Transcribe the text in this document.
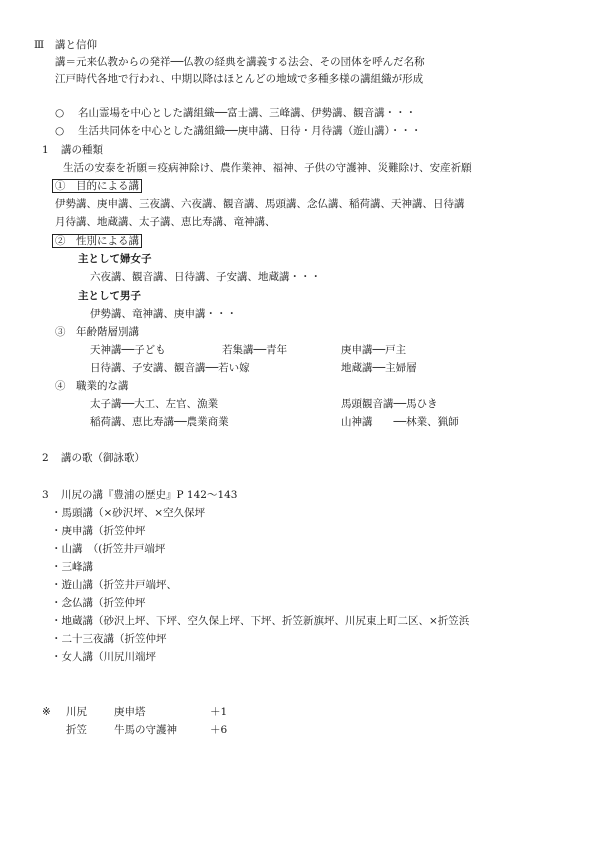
Ⅲ 講と信仰
講＝元来仏教からの発祥──仏教の経典を講義する法会、その団体を呼んだ名称
江戸時代各地で行われ、中期以降はほとんどの地域で多種多様の講組織が形成
○ 名山霊場を中心とした講組織──富士講、三峰講、伊勢講、観音講・・・
○ 生活共同体を中心とした講組織──庚申講、日待・月待講（遊山講）・・・
1 講の種類
生活の安泰を祈願＝疫病神除け、農作業神、福神、子供の守護神、災難除け、安産祈願
①　目的による講
伊勢講、庚申講、三夜講、六夜講、観音講、馬頭講、念仏講、稲荷講、天神講、日待講
月待講、地蔵講、太子講、恵比寿講、竜神講、
②　性別による講
主として婦女子
六夜講、観音講、日待講、子安講、地蔵講・・・
主として男子
伊勢講、竜神講、庚申講・・・
③　年齢階層別講
天神講──子ども	若集講──青年	庚申講──戸主
日待講、子安講、観音講──若い嫁	地蔵講──主婦層
④　職業的な講
太子講──大工、左官、漁業	馬頭観音講──馬ひき
稲荷講、恵比寿講──農業商業	山神講　　──林業、猟師
2 講の歌（御詠歌）
3 川尻の講『豊浦の歴史』P 142～143
・馬頭講（×砂沢坪、×空久保坪
・庚申講（折笠仲坪
・山講　（(折笠井戸端坪
・三峰講
・遊山講（折笠井戸端坪、
・念仏講（折笠仲坪
・地蔵講（砂沢上坪、下坪、空久保上坪、下坪、折笠新旗坪、川尻東上町二区、×折笠浜
・二十三夜講（折笠仲坪
・女人講（川尻川端坪
※ 川尻	庚申塔	＋1
折笠	牛馬の守護神	＋6
